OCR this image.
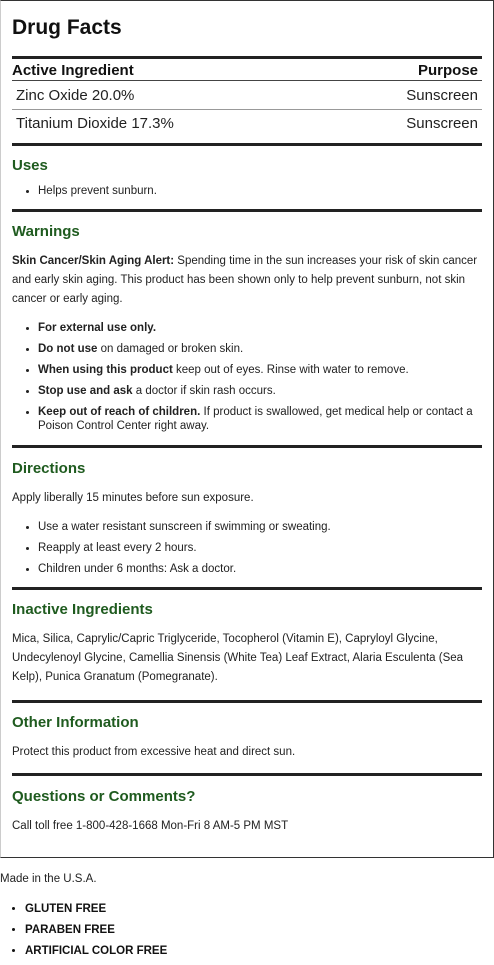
Drug Facts
Active Ingredient	Purpose
Zinc Oxide 20.0%	Sunscreen
Titanium Dioxide 17.3%	Sunscreen
Uses
• Helps prevent sunburn.
Warnings
Skin Cancer/Skin Aging Alert: Spending time in the sun increases your risk of skin cancer and early skin aging. This product has been shown only to help prevent sunburn, not skin cancer or early aging.
• For external use only.
• Do not use on damaged or broken skin.
• When using this product keep out of eyes. Rinse with water to remove.
• Stop use and ask a doctor if skin rash occurs.
• Keep out of reach of children. If product is swallowed, get medical help or contact a Poison Control Center right away.
Directions
Apply liberally 15 minutes before sun exposure.
• Use a water resistant sunscreen if swimming or sweating.
• Reapply at least every 2 hours.
• Children under 6 months: Ask a doctor.
Inactive Ingredients
Mica, Silica, Caprylic/Capric Triglyceride, Tocopherol (Vitamin E), Capryloyl Glycine, Undecylenoyl Glycine, Camellia Sinensis (White Tea) Leaf Extract, Alaria Esculenta (Sea Kelp), Punica Granatum (Pomegranate).
Other Information
Protect this product from excessive heat and direct sun.
Questions or Comments?
Call toll free 1-800-428-1668 Mon-Fri 8 AM-5 PM MST
Made in the U.S.A.
• GLUTEN FREE
• PARABEN FREE
• ARTIFICIAL COLOR FREE
